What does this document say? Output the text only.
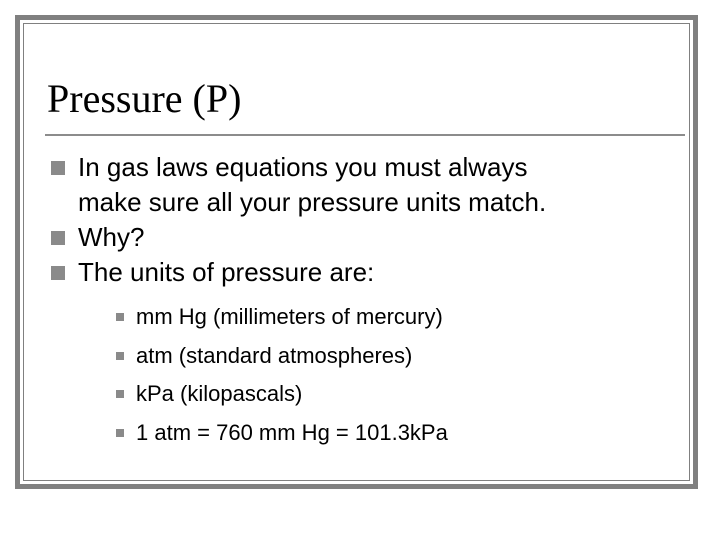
Pressure (P)
In gas laws equations you must always
make sure all your pressure units match.
Why?
The units of pressure are:
mm Hg (millimeters of mercury)
atm (standard atmospheres)
kPa (kilopascals)
1 atm = 760 mm Hg = 101.3kPa
